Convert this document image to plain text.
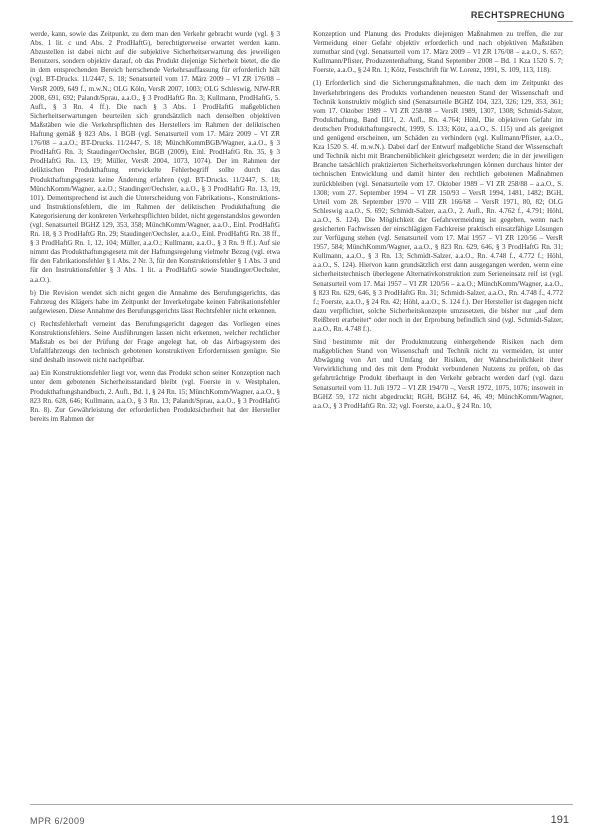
RECHTSPRECHUNG

werde, kann, sowie das Zeitpunkt, zu dem man den Verkehr gebracht wurde (vgl. § 3 Abs. 1 lit. c und Abs. 2 ProdHaftG), berechtigterweise erwartet werden kann. Abzustellen ist dabei nicht auf die subjektive Sicherheitserwartung des jeweiligen Benutzers, sondern objektiv darauf, ob das Produkt diejenige Sicherheit bietet, die die in dem entsprechenden Bereich herrschende Verkehrsauffassung für erforderlich hält (vgl. BT-Drucks. 11/2447, S. 18; Senatsurteil vom 17. März 2009 – VI ZR 176/08 – VersR 2009, 649 f., m.w.N.; OLG Köln, VersR 2007, 1003; OLG Schleswig, NJW-RR 2008, 691, 692; Palandt/Sprau, a.a.O., § 3 ProdHaftG Rn. 3; Kullmann, ProdHaftG, 5. Aufl., § 3 Rn. 4 ff.). Die nach § 3 Abs. 1 ProdHaftG maßgeblichen Sicherheitserwartungen beurteilen sich grundsätzlich nach denselben objektiven Maßstäben wie die Verkehrspflichten des Herstellers im Rahmen der deliktischen Haftung gemäß § 823 Abs. 1 BGB (vgl. Senatsurteil vom 17. März 2009 – VI ZR 176/08 – a.a.O.; BT-Drucks. 11/2447, S. 18; MünchKommBGB/Wagner, a.a.O., § 3 ProdHaftG Rn. 3; Staudinger/Oechsler, BGB (2009), Einl. ProdHaftG Rn. 35, § 3 ProdHaftG Rn. 13, 19; Müller, VersR 2004, 1073, 1074). Der im Rahmen der deliktischen Produkthaftung entwickelte Fehlerbegriff sollte durch das Produkthaftungsgesetz keine Änderung erfahren (vgl. BT-Drucks. 11/2447, S. 18; MünchKomm/Wagner, a.a.O.; Staudinger/Oechsler, a.a.O., § 3 ProdHaftG Rn. 13, 19, 101). Dementsprechend ist auch die Unterscheidung von Fabrikations-, Konstruktions- und Instruktionsfehlern, die im Rahmen der deliktischen Produkthaftung die Kategorisierung der konkreten Verkehrspflichten bildet, nicht gegenstandslos geworden (vgl. Senatsurteil BGHZ 129, 353, 358; MünchKomm/Wagner, a.a.O., Einl. ProdHaftG Rn. 18, § 3 ProdHaftG Rn. 29; Staudinger/Oechsler, a.a.O., Einl. ProdHaftG Rn. 38 ff., § 3 ProdHaftG Rn. 1, 12, 104; Müller, a.a.O.; Kullmann, a.a.O., § 3 Rn. 9 ff.). Auf sie nimmt das Produkthaftungsgesetz mit der Haftungsregelung vielmehr Bezug (vgl. etwa für den Fabrikationsfehler § 1 Abs. 2 Nr. 3, für den Konstruktionsfehler § 1 Abs. 3 und für den Instruktionsfehler § 3 Abs. 1 lit. a ProdHaftG sowie Staudinger/Oechsler, a.a.O.).

b) Die Revision wendet sich nicht gegen die Annahme des Berufungsgerichts, das Fahrzeug des Klägers habe im Zeitpunkt der Inverkehrgabe keinen Fabrikationsfehler aufgewiesen. Diese Annahme des Berufungsgerichts lässt Rechtsfehler nicht erkennen.

c) Rechtsfehlerhaft verneint das Berufungsgericht dagegen das Vorliegen eines Konstruktionsfehlers. Seine Ausführungen lassen nicht erkennen, welcher rechtlicher Maßstab es bei der Prüfung der Frage angelegt hat, ob das Airbagsystem des Unfallfahrzeugs den technisch gebotenen konstruktiven Erfordernissen genügte. Sie sind deshalb insoweit nicht nachprüfbar.

aa) Ein Konstruktionsfehler liegt vor, wenn das Produkt schon seiner Konzeption nach unter dem gebotenen Sicherheitsstandard bleibt (vgl. Foerste in v. Westphalen, Produkthaftungshandbuch, 2. Aufl., Bd. 1, § 24 Rn. 15; MünchKomm/Wagner, a.a.O., § 823 Rn. 628, 646; Kullmann, a.a.O., § 3 Rn. 13; Palandt/Sprau, a.a.O., § 3 ProdHaftG Rn. 8). Zur Gewährleistung der erforderlichen Produktsicherheit hat der Hersteller bereits im Rahmen der

Konzeption und Planung des Produkts diejenigen Maßnahmen zu treffen, die zur Vermeidung einer Gefahr objektiv erforderlich und nach objektiven Maßstäben zumutbar sind (vgl. Senatsurteil vom 17. März 2009 – VI ZR 176/08 – a.a.O., S. 657; Kullmann/Pfister, Produzentenhaftung, Stand September 2008 – Bd. 1 Kza 1520 S. 7; Foerste, a.a.O., § 24 Rn. 1; Kötz, Festschrift für W. Lorenz, 1991, S. 109, 113, 118).

(1) Erforderlich sind die Sicherungsmaßnahmen, die nach dem im Zeitpunkt des Inverkehrbringens des Produkts vorhandenen neuesten Stand der Wissenschaft und Technik konstruktiv möglich sind (Senatsurteile BGHZ 104, 323, 326; 129, 353, 361; vom 17. Oktober 1989 – VI ZR 258/88 – VersR 1989, 1307, 1308; Schmidt-Salzer, Produkthaftung, Band III/1, 2. Aufl., Rn. 4.764; Höhl, Die objektiven Gefahr im deutschen Produkthaftungsrecht, 1999, S. 133; Kötz, a.a.O., S. 115) und als geeignet und genügend erscheinen, um Schäden zu verhindern (vgl. Kullmann/Pfister, a.a.O., Kza 1520 S. 4f. m.w.N.). Dabei darf der Entwurf maßgebliche Stand der Wissenschaft und Technik nicht mit Branchenüblichkeit gleichgesetzt werden; die in der jeweiligen Branche tatsächlich praktizierten Sicherheitsvorkehrungen können durchaus hinter der technischen Entwicklung und damit hinter den rechtlich gebotenen Maßnahmen zurückbleiben (vgl. Senatsurteile vom 17. Oktober 1989 – VI ZR 258/88 – a.a.O., S. 1308; vom 27. September 1994 – VI ZR 150/93 – VersR 1994, 1481, 1482; BGH, Urteil vom 28. September 1970 – VIII ZR 166/68 – VersR 1971, 80, 82; OLG Schleswig a.a.O., S. 692; Schmidt-Salzer, a.a.O., 2. Aufl., Rn. 4.762 f., 4.791; Höhl, a.a.O., S. 124). Die Möglichkeit der Gefahrvermeidung ist gegeben, wenn nach gesicherten Fachwissen der einschlägigen Fachkreise praktisch einsatzfähige Lösungen zur Verfügung stehen (vgl. Senatsurteil vom 17. Mai 1957 – VI ZR 120/56 – VersR 1957, 584; MünchKomm/Wagner, a.a.O., § 823 Rn. 629, 646, § 3 ProdHaftG Rn. 31; Kullmann, a.a.O., § 3 Rn. 13; Schmidt-Salzer, a.a.O., Rn. 4.748 f., 4.772 f.; Höhl, a.a.O., S. 124). Hiervon kann grundsätzlich erst dann ausgegangen werden, wenn eine sicherheitstechnisch überlegene Alternativkonstruktion zum Serieneinsatz reif ist (vgl. Senatsurteil vom 17. Mai 1957 – VI ZR 120/56 – a.a.O.; MünchKomm/Wagner, a.a.O., § 823 Rn. 629, 646, § 3 ProdHaftG Rn. 31; Schmidt-Salzer, a.a.O., Rn. 4.748 f., 4.772 f.; Foerste, a.a.O., § 24 Rn. 42; Höhl, a.a.O., S. 124 f.). Der Hersteller ist dagegen nicht dazu verpflichtet, solche Sicherheitskonzepte umzusetzen, die bisher nur „auf dem Reißbrett erarbeitet“ oder noch in der Erprobung befindlich sind (vgl. Schmidt-Salzer, a.a.O., Rn. 4.748 f.).

Sind bestimmte mit der Produktnutzung einhergehende Risiken nach dem maßgeblichen Stand von Wissenschaft und Technik nicht zu vermeiden, ist unter Abwägung von Art und Umfang der Risiken, der Wahrscheinlichkeit ihrer Verwirklichung und des mit dem Produkt verbundenen Nutzens zu prüfen, ob das gefahrträchtige Produkt überhaupt in den Verkehr gebracht werden darf (vgl. dazu Senatsurteil vom 11. Juli 1972 – VI ZR 194/70 –, VersR 1972, 1075, 1076; insoweit in BGHZ 59, 172 nicht abgedruckt; RGH, BGHZ 64, 46, 49; MünchKomm/Wagner, a.a.O., § 3 ProdHaftG Rn. 32; vgl. Foerste, a.a.O., § 24 Rn. 10,

MPR 6/2009	191
